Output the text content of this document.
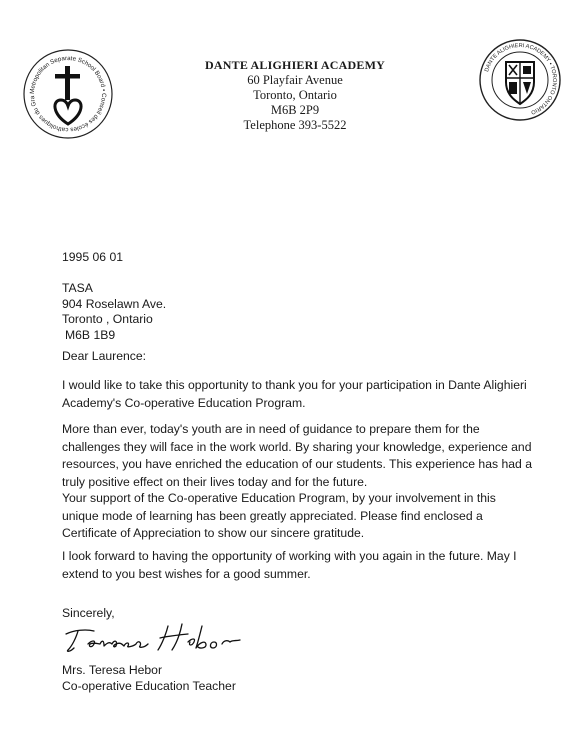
Metropolitan Separate School Board • Conseil des écoles catholiques du Gra
DANTE ALIGHIERI ACADEMY
60 Playfair Avenue
Toronto, Ontario
M6B 2P9
Telephone 393-5522
DANTE ALIGHIERI ACADEMY • TORONTO ONTARIO
1995 06 01
TASA
904 Roselawn Ave.
Toronto , Ontario
M6B 1B9
Dear Laurence:
I would like to take this opportunity to thank you for your participation in Dante Alighieri Academy's Co-operative Education Program.
More than ever, today's youth are in need of guidance to prepare them for the challenges they will face in the work world. By sharing your knowledge, experience and resources, you have enriched the education of our students. This experience has had a truly positive effect on their lives today and for the future.
Your support of the Co-operative Education Program, by your involvement in this unique mode of learning has been greatly appreciated. Please find enclosed a Certificate of Appreciation to show our sincere gratitude.
I look forward to having the opportunity of working with you again in the future. May I extend to you best wishes for a good summer.
Sincerely,
Mrs. Teresa Hebor
Co-operative Education Teacher
